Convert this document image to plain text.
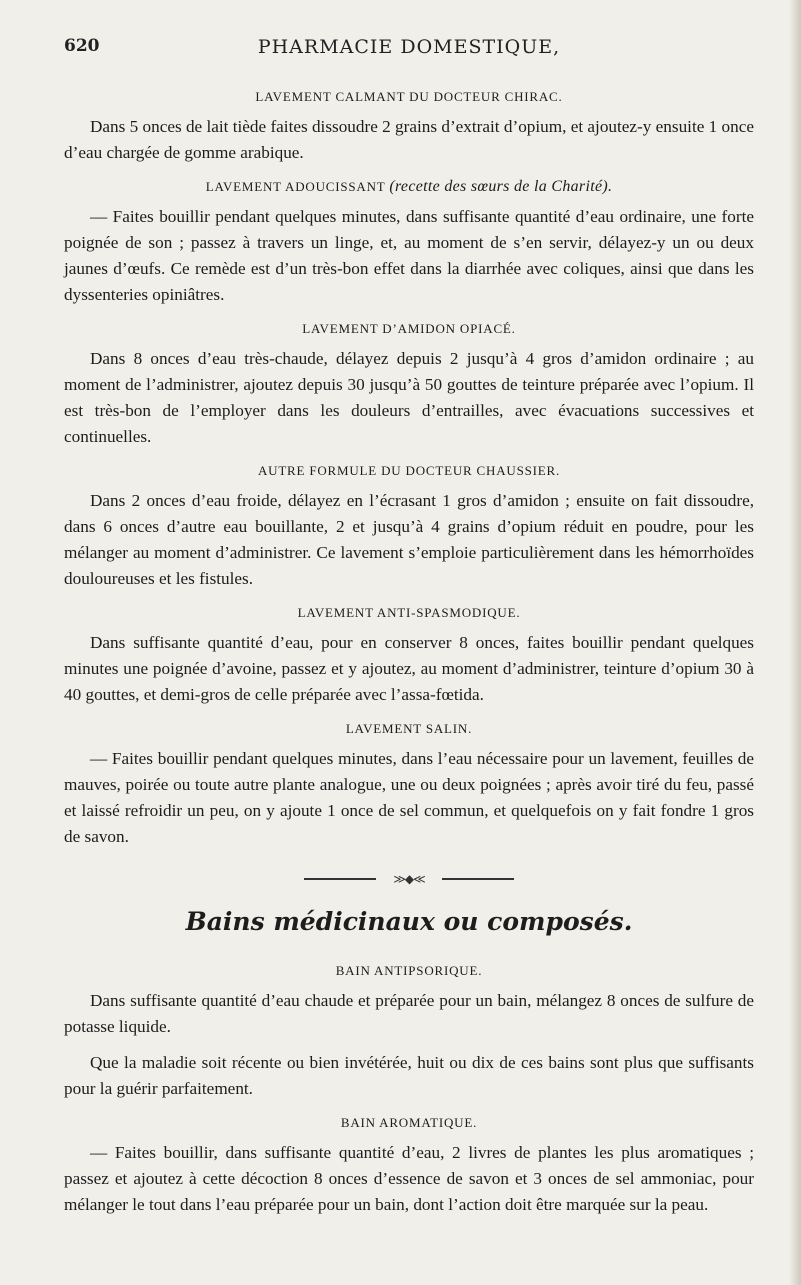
620	PHARMACIE DOMESTIQUE,
LAVEMENT CALMANT DU DOCTEUR CHIRAC.

Dans 5 onces de lait tiède faites dissoudre 2 grains d’extrait d’opium, et ajoutez-y ensuite 1 once d’eau chargée de gomme arabique.

LAVEMENT ADOUCISSANT (recette des sœurs de la Charité).

— Faites bouillir pendant quelques minutes, dans suffisante quantité d’eau ordinaire, une forte poignée de son ; passez à travers un linge, et, au moment de s’en servir, délayez-y un ou deux jaunes d’œufs. Ce remède est d’un très-bon effet dans la diarrhée avec coliques, ainsi que dans les dyssenteries opiniâtres.

LAVEMENT D’AMIDON OPIACÉ.

Dans 8 onces d’eau très-chaude, délayez depuis 2 jusqu’à 4 gros d’amidon ordinaire ; au moment de l’administrer, ajoutez depuis 30 jusqu’à 50 gouttes de teinture préparée avec l’opium. Il est très-bon de l’employer dans les douleurs d’entrailles, avec évacuations successives et continuelles.

AUTRE FORMULE DU DOCTEUR CHAUSSIER.

Dans 2 onces d’eau froide, délayez en l’écrasant 1 gros d’amidon ; ensuite on fait dissoudre, dans 6 onces d’autre eau bouillante, 2 et jusqu’à 4 grains d’opium réduit en poudre, pour les mélanger au moment d’administrer. Ce lavement s’emploie particulièrement dans les hémorrhoïdes douloureuses et les fistules.

LAVEMENT ANTI-SPASMODIQUE.

Dans suffisante quantité d’eau, pour en conserver 8 onces, faites bouillir pendant quelques minutes une poignée d’avoine, passez et y ajoutez, au moment d’administrer, teinture d’opium 30 à 40 gouttes, et demi-gros de celle préparée avec l’assa-fœtida.

LAVEMENT SALIN.

— Faites bouillir pendant quelques minutes, dans l’eau nécessaire pour un lavement, feuilles de mauves, poirée ou toute autre plante analogue, une ou deux poignées ; après avoir tiré du feu, passé et laissé refroidir un peu, on y ajoute 1 once de sel commun, et quelquefois on y fait fondre 1 gros de savon.

≫◆≪
Bains médicinaux ou composés.
BAIN ANTIPSORIQUE.

Dans suffisante quantité d’eau chaude et préparée pour un bain, mélangez 8 onces de sulfure de potasse liquide.

Que la maladie soit récente ou bien invétérée, huit ou dix de ces bains sont plus que suffisants pour la guérir parfaitement.

BAIN AROMATIQUE.

— Faites bouillir, dans suffisante quantité d’eau, 2 livres de plantes les plus aromatiques ; passez et ajoutez à cette décoction 8 onces d’essence de savon et 3 onces de sel ammoniac, pour mélanger le tout dans l’eau préparée pour un bain, dont l’action doit être marquée sur la peau.
